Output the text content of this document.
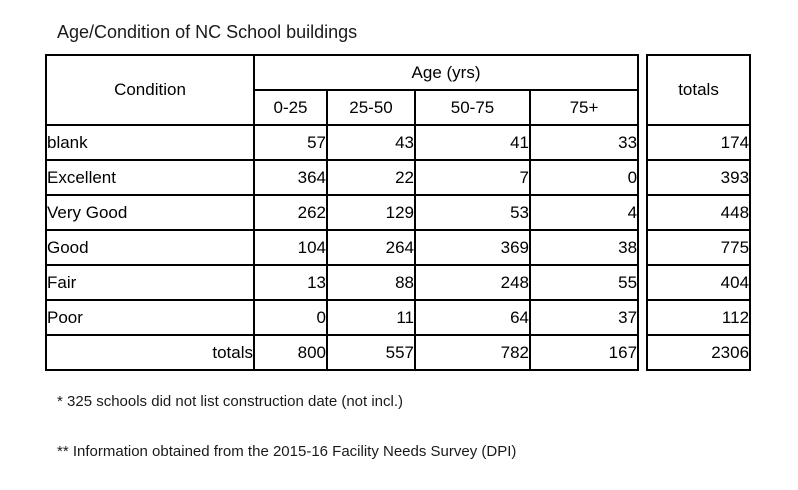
Age/Condition of NC School buildings
Condition	Age (yrs)					totals
	0-25	25-50	50-75	75+		
blank	57	43	41	33		174
Excellent	364	22	7	0		393
Very Good	262	129	53	4		448
Good	104	264	369	38		775
Fair	13	88	248	55		404
Poor	0	11	64	37		112
totals	800	557	782	167		2306
* 325 schools did not list construction date (not incl.)
** Information obtained from the 2015-16 Facility Needs Survey (DPI)
